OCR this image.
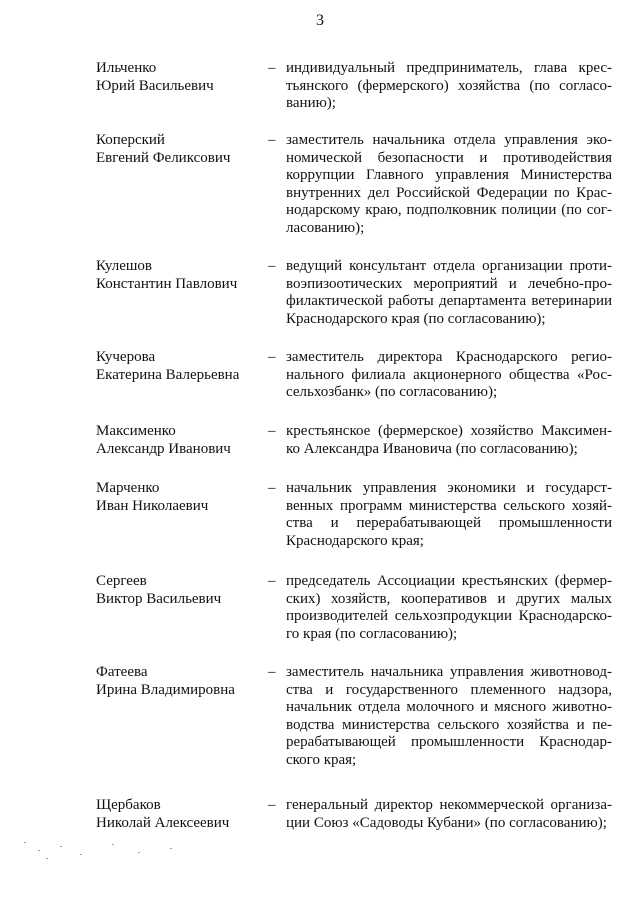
3
Ильченко
Юрий Васильевич
– индивидуальный предприниматель, глава крес-
тьянского (фермерского) хозяйства (по согласо-
ванию);
Коперский
Евгений Феликсович
– заместитель начальника отдела управления эко-
номической безопасности и противодействия
коррупции Главного управления Министерства
внутренних дел Российской Федерации по Крас-
нодарскому краю, подполковник полиции (по сог-
ласованию);
Кулешов
Константин Павлович
– ведущий консультант отдела организации проти-
воэпизоотических мероприятий и лечебно-про-
филактической работы департамента ветеринарии
Краснодарского края (по согласованию);
Кучерова
Екатерина Валерьевна
– заместитель директора Краснодарского регио-
нального филиала акционерного общества «Рос-
сельхозбанк» (по согласованию);
Максименко
Александр Иванович
– крестьянское (фермерское) хозяйство Максимен-
ко Александра Ивановича (по согласованию);
Марченко
Иван Николаевич
– начальник управления экономики и государст-
венных программ министерства сельского хозяй-
ства и перерабатывающей промышленности
Краснодарского края;
Сергеев
Виктор Васильевич
– председатель Ассоциации крестьянских (фермер-
ских) хозяйств, кооперативов и других малых
производителей сельхозпродукции Краснодарско-
го края (по согласованию);
Фатеева
Ирина Владимировна
– заместитель начальника управления животновод-
ства и государственного племенного надзора,
начальник отдела молочного и мясного животно-
водства министерства сельского хозяйства и пе-
рерабатывающей промышленности Краснодар-
ского края;
Щербаков
Николай Алексеевич
– генеральный директор некоммерческой организа-
ции Союз «Садоводы Кубани» (по согласованию);
